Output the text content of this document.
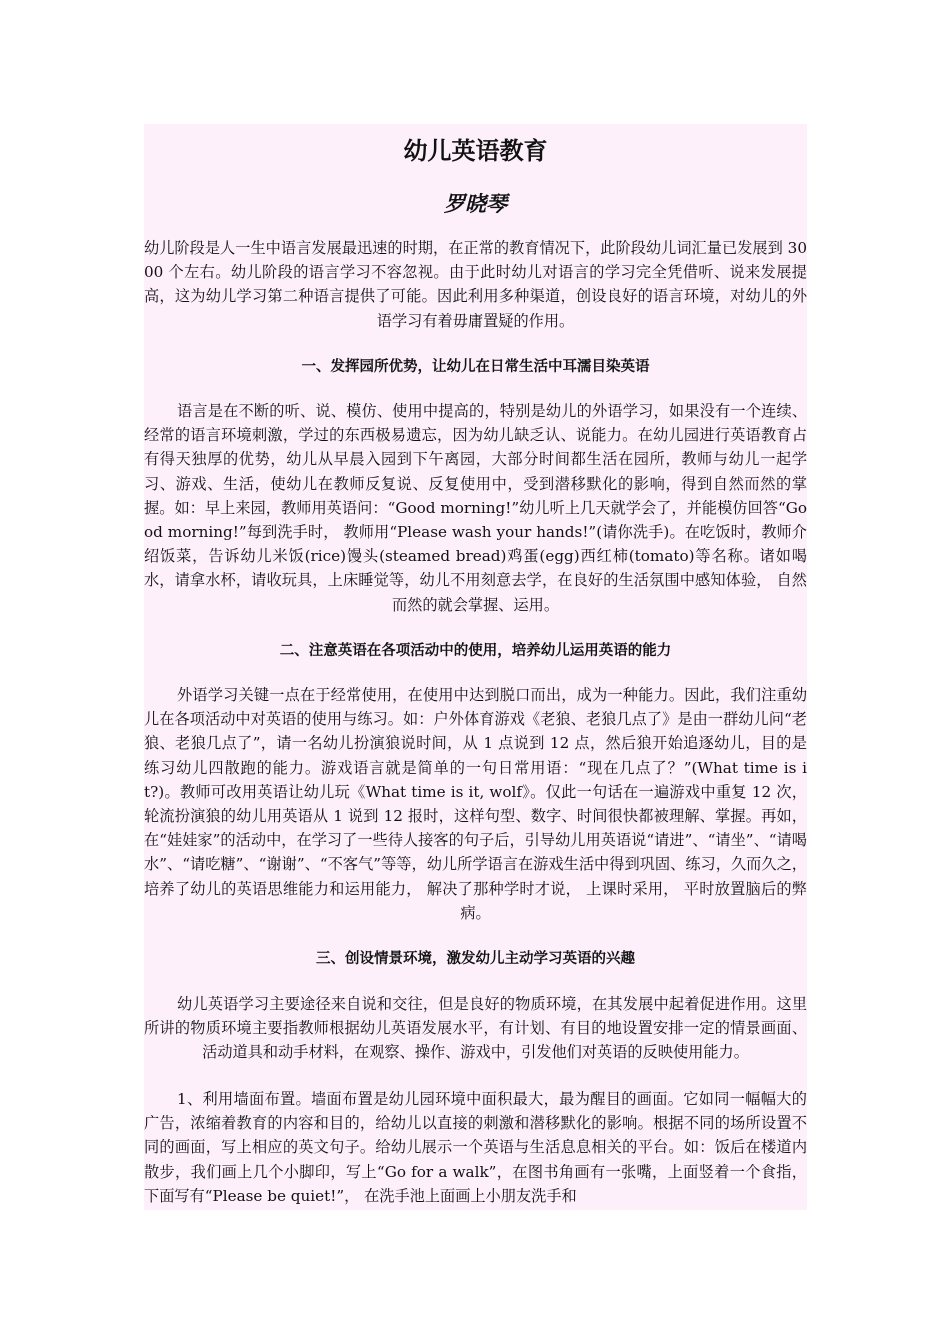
幼儿英语教育
罗晓琴

幼儿阶段是人一生中语言发展最迅速的时期，在正常的教育情况下，此阶段幼儿词汇量已发展到 3000 个左右。幼儿阶段的语言学习不容忽视。由于此时幼儿对语言的学习完全凭借听、说来发展提高，这为幼儿学习第二种语言提供了可能。因此利用多种渠道，创设良好的语言环境，对幼儿的外语学习有着毋庸置疑的作用。

一、发挥园所优势，让幼儿在日常生活中耳濡目染英语

语言是在不断的听、说、模仿、使用中提高的，特别是幼儿的外语学习，如果没有一个连续、经常的语言环境刺激，学过的东西极易遗忘，因为幼儿缺乏认、说能力。在幼儿园进行英语教育占有得天独厚的优势，幼儿从早晨入园到下午离园，大部分时间都生活在园所，教师与幼儿一起学习、游戏、生活，使幼儿在教师反复说、反复使用中，受到潜移默化的影响，得到自然而然的掌握。如：早上来园，教师用英语问：“Good morning!”幼儿听上几天就学会了，并能模仿回答“Good morning!”每到洗手时， 教师用“Please wash your hands!”(请你洗手)。在吃饭时，教师介绍饭菜，告诉幼儿米饭(rice)馒头(steamed bread)鸡蛋(egg)西红柿(tomato)等名称。诸如喝水，请拿水杯，请收玩具，上床睡觉等，幼儿不用刻意去学，在良好的生活氛围中感知体验， 自然而然的就会掌握、运用。

二、注意英语在各项活动中的使用，培养幼儿运用英语的能力

外语学习关键一点在于经常使用，在使用中达到脱口而出，成为一种能力。因此，我们注重幼儿在各项活动中对英语的使用与练习。如：户外体育游戏《老狼、老狼几点了》是由一群幼儿问“老狼、老狼几点了”，请一名幼儿扮演狼说时间，从 1 点说到 12 点，然后狼开始追逐幼儿，目的是练习幼儿四散跑的能力。游戏语言就是简单的一句日常用语：“现在几点了？”(What time is it?)。教师可改用英语让幼儿玩《What time is it, wolf》。仅此一句话在一遍游戏中重复 12 次，轮流扮演狼的幼儿用英语从 1 说到 12 报时，这样句型、数字、时间很快都被理解、掌握。再如，在“娃娃家”的活动中，在学习了一些待人接客的句子后，引导幼儿用英语说“请进”、“请坐”、“请喝水”、“请吃糖”、“谢谢”、“不客气”等等，幼儿所学语言在游戏生活中得到巩固、练习，久而久之，培养了幼儿的英语思维能力和运用能力， 解决了那种学时才说， 上课时采用， 平时放置脑后的弊病。

三、创设情景环境，激发幼儿主动学习英语的兴趣

幼儿英语学习主要途径来自说和交往，但是良好的物质环境，在其发展中起着促进作用。这里所讲的物质环境主要指教师根据幼儿英语发展水平，有计划、有目的地设置安排一定的情景画面、活动道具和动手材料，在观察、操作、游戏中，引发他们对英语的反映使用能力。

1、利用墙面布置。墙面布置是幼儿园环境中面积最大，最为醒目的画面。它如同一幅幅大的广告，浓缩着教育的内容和目的，给幼儿以直接的刺激和潜移默化的影响。根据不同的场所设置不同的画面，写上相应的英文句子。给幼儿展示一个英语与生活息息相关的平台。如：饭后在楼道内散步，我们画上几个小脚印，写上“Go for a walk”，在图书角画有一张嘴，上面竖着一个食指，下面写有“Please be quiet!”， 在洗手池上面画上小朋友洗手和
